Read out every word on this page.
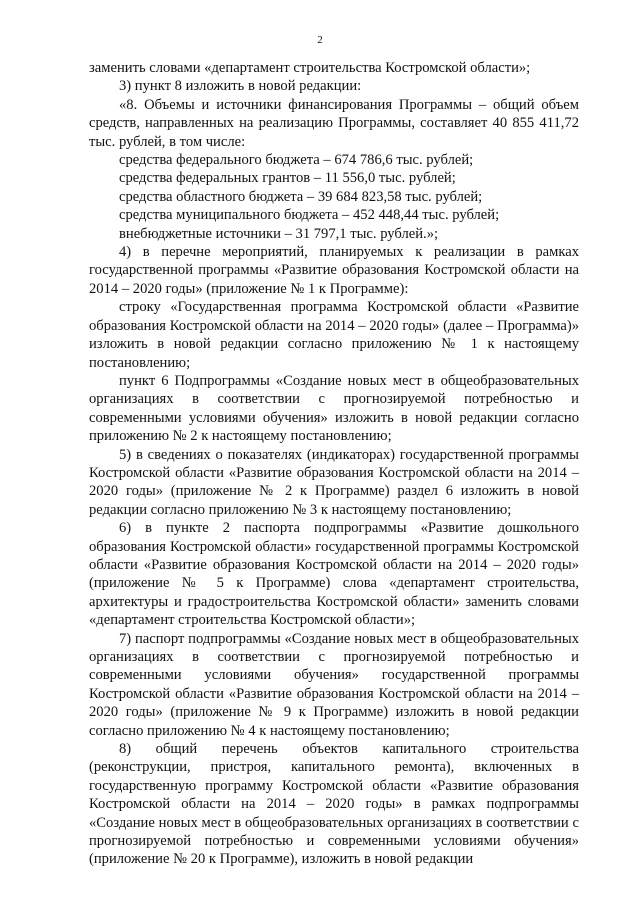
2

заменить словами «департамент строительства Костромской области»;

3) пункт 8 изложить в новой редакции:

«8. Объемы и источники финансирования Программы – общий объем средств, направленных на реализацию Программы, составляет 40 855 411,72 тыс. рублей, в том числе:

средства федерального бюджета – 674 786,6 тыс. рублей;

средства федеральных грантов – 11 556,0 тыс. рублей;

средства областного бюджета – 39 684 823,58 тыс. рублей;

средства муниципального бюджета – 452 448,44 тыс. рублей;

внебюджетные источники – 31 797,1 тыс. рублей.»;

4) в перечне мероприятий, планируемых к реализации в рамках государственной программы «Развитие образования Костромской области на 2014 – 2020 годы» (приложение № 1 к Программе):

строку «Государственная программа Костромской области «Развитие образования Костромской области на 2014 – 2020 годы» (далее – Программа)» изложить в новой редакции согласно приложению № 1 к настоящему постановлению;

пункт 6 Подпрограммы «Создание новых мест в общеобразовательных организациях в соответствии с прогнозируемой потребностью и современными условиями обучения» изложить в новой редакции согласно приложению № 2 к настоящему постановлению;

5) в сведениях о показателях (индикаторах) государственной программы Костромской области «Развитие образования Костромской области на 2014 – 2020 годы» (приложение № 2 к Программе) раздел 6 изложить в новой редакции согласно приложению № 3 к настоящему постановлению;

6) в пункте 2 паспорта подпрограммы «Развитие дошкольного образования Костромской области» государственной программы Костромской области «Развитие образования Костромской области на 2014 – 2020 годы» (приложение № 5 к Программе) слова «департамент строительства, архитектуры и градостроительства Костромской области» заменить словами «департамент строительства Костромской области»;

7) паспорт подпрограммы «Создание новых мест в общеобразовательных организациях в соответствии с прогнозируемой потребностью и современными условиями обучения» государственной программы Костромской области «Развитие образования Костромской области на 2014 – 2020 годы» (приложение № 9 к Программе) изложить в новой редакции согласно приложению № 4 к настоящему постановлению;

8) общий перечень объектов капитального строительства (реконструкции, пристроя, капитального ремонта), включенных в государственную программу Костромской области «Развитие образования Костромской области на 2014 – 2020 годы» в рамках подпрограммы «Создание новых мест в общеобразовательных организациях в соответствии с прогнозируемой потребностью и современными условиями обучения» (приложение № 20 к Программе), изложить в новой редакции
